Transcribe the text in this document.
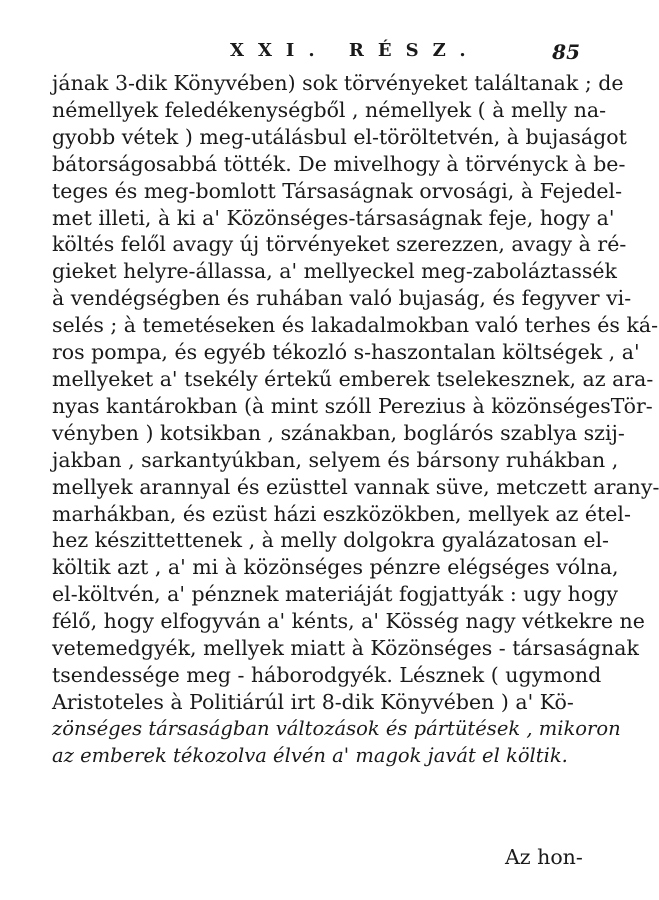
XXI. RÉSZ.	85
jának 3-dik Könyvében) sok törvényeket találtanak ; de
némellyek feledékenységből , némellyek ( à melly na-
gyobb vétek ) meg-utálásbul el-töröltetvén, à bujaságot
bátorságosabbá tötték. De mivelhogy à törvényck à be-
teges és meg-bomlott Társaságnak orvosági, à Fejedel-
met illeti, à ki a' Közönséges-társaságnak feje, hogy a'
költés felől avagy új törvényeket szerezzen, avagy à ré-
gieket helyre-állassa, a' mellyeckel meg-zaboláztassék
à vendégségben és ruhában való bujaság, és fegyver vi-
selés ; à temetéseken és lakadalmokban való terhes és ká-
ros pompa, és egyéb tékozló s-haszontalan költségek , a'
mellyeket a' tsekély értekű emberek tselekesznek, az ara-
nyas kantárokban (à mint szóll Perezius à közönségesTör-
vényben ) kotsikban , szánakban, boglárós szablya szij-
jakban , sarkantyúkban, selyem és bársony ruhákban ,
mellyek arannyal és ezüsttel vannak süve, metczett arany-
marhákban, és ezüst házi eszközökben, mellyek az étel-
hez készittettenek , à melly dolgokra gyalázatosan el-
költik azt , a' mi à közönséges pénzre elégséges vólna,
el-költvén, a' pénznek materiáját fogjattyák : ugy hogy
félő, hogy elfogyván a' kénts, a' Kösség nagy vétkekre ne
vetemedgyék, mellyek miatt à Közönséges - társaságnak
tsendessége meg - háborodgyék. Lésznek ( ugymond
Aristoteles à Politiárúl irt 8-dik Könyvében ) a' Kö-
zönséges társaságban változások és pártütések , mikoron
az emberek tékozolva élvén a' magok javát el költik.
Az hon-
